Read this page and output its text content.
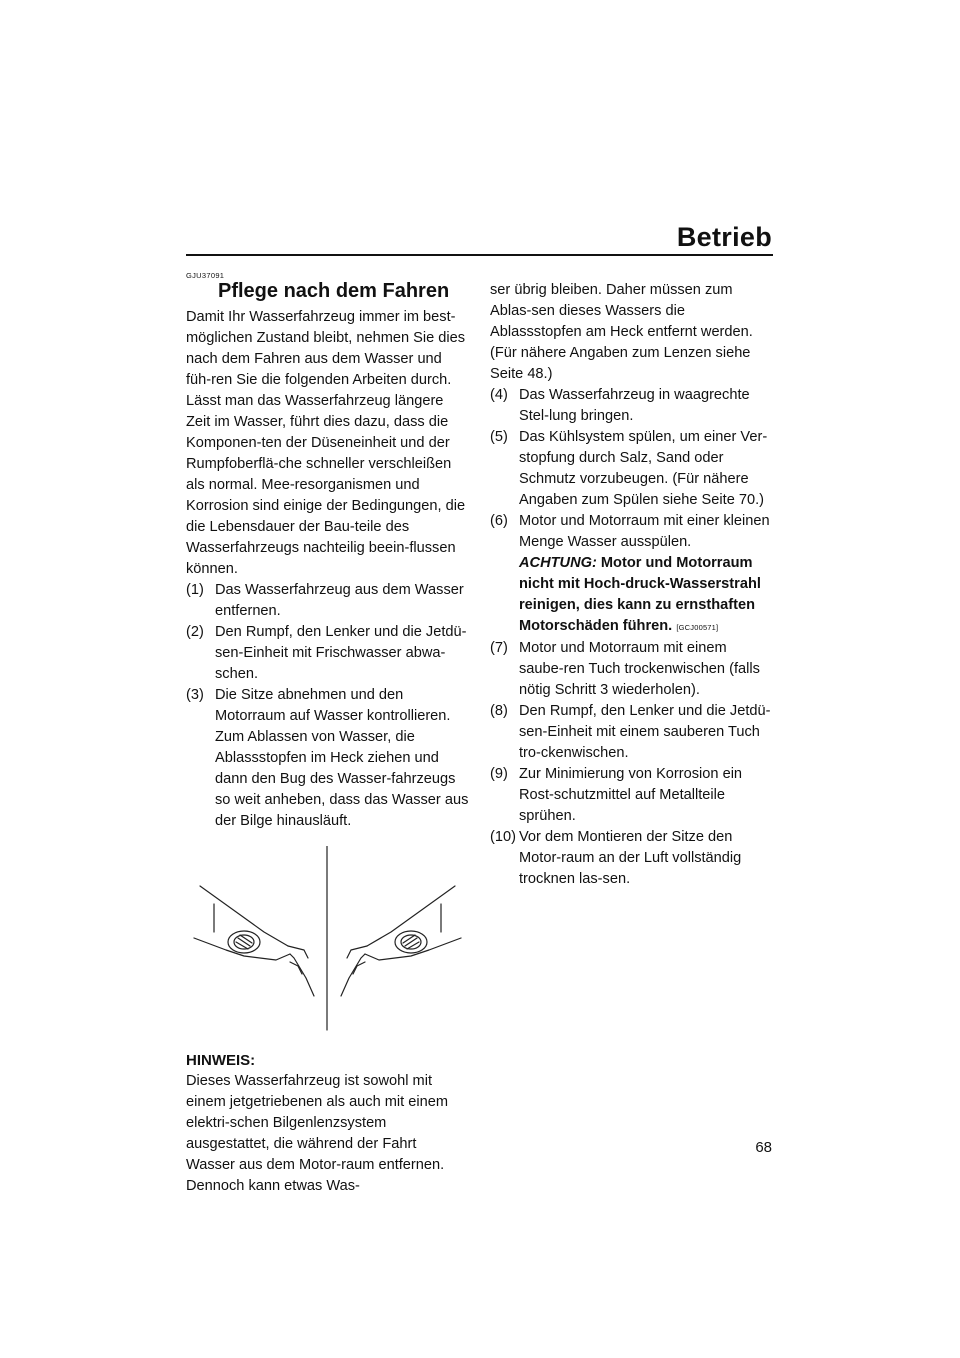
Betrieb
GJU37091
Pflege nach dem Fahren

Damit Ihr Wasserfahrzeug immer im best-möglichen Zustand bleibt, nehmen Sie dies nach dem Fahren aus dem Wasser und füh-ren Sie die folgenden Arbeiten durch. Lässt man das Wasserfahrzeug längere Zeit im Wasser, führt dies dazu, dass die Komponen-ten der Düseneinheit und der Rumpfoberflä-che schneller verschleißen als normal. Mee-resorganismen und Korrosion sind einige der Bedingungen, die die Lebensdauer der Bau-teile des Wasserfahrzeugs nachteilig beein-flussen können.

(1) Das Wasserfahrzeug aus dem Wasser entfernen.
(2) Den Rumpf, den Lenker und die Jetdü-sen-Einheit mit Frischwasser abwa-schen.
(3) Die Sitze abnehmen und den Motorraum auf Wasser kontrollieren. Zum Ablassen von Wasser, die Ablassstopfen im Heck ziehen und dann den Bug des Wasser-fahrzeugs so weit anheben, dass das Wasser aus der Bilge hinausläuft.
HINWEIS:

Dieses Wasserfahrzeug ist sowohl mit einem jetgetriebenen als auch mit einem elektri-schen Bilgenlenzsystem ausgestattet, die während der Fahrt Wasser aus dem Motor-raum entfernen. Dennoch kann etwas Was-

ser übrig bleiben. Daher müssen zum Ablas-sen dieses Wassers die Ablassstopfen am Heck entfernt werden. (Für nähere Angaben zum Lenzen siehe Seite 48.)

(4) Das Wasserfahrzeug in waagrechte Stel-lung bringen.
(5) Das Kühlsystem spülen, um einer Ver-stopfung durch Salz, Sand oder Schmutz vorzubeugen. (Für nähere Angaben zum Spülen siehe Seite 70.)
(6) Motor und Motorraum mit einer kleinen Menge Wasser ausspülen. ACHTUNG: Motor und Motorraum nicht mit Hoch-druck-Wasserstrahl reinigen, dies kann zu ernsthaften Motorschäden führen. [GCJ00571]
(7) Motor und Motorraum mit einem saube-ren Tuch trockenwischen (falls nötig Schritt 3 wiederholen).
(8) Den Rumpf, den Lenker und die Jetdü-sen-Einheit mit einem sauberen Tuch tro-ckenwischen.
(9) Zur Minimierung von Korrosion ein Rost-schutzmittel auf Metallteile sprühen.
(10) Vor dem Montieren der Sitze den Motor-raum an der Luft vollständig trocknen las-sen.
68
